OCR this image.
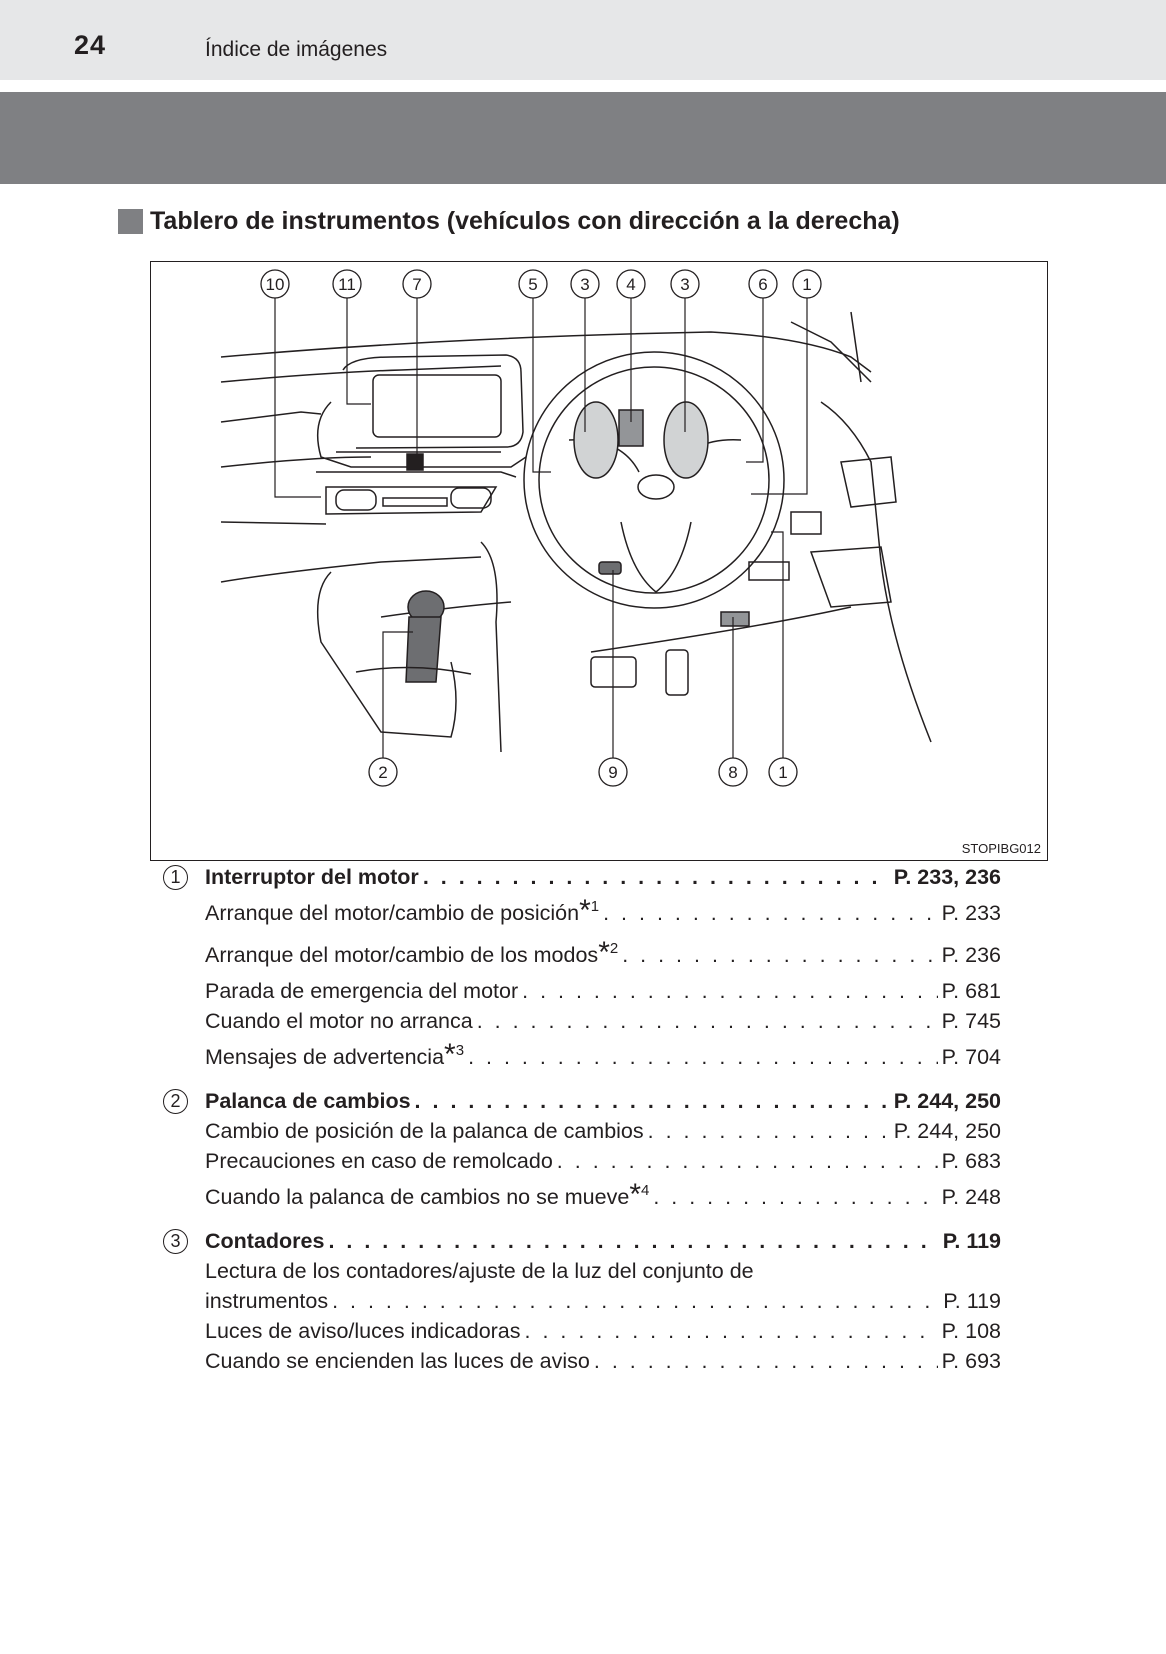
24	Índice de imágenes
Tablero de instrumentos (vehículos con dirección a la derecha)
10	11	7	5	3 4	3	6 1
2	9	8 1
STOPIBG012
1	Interruptor del motor . . .	P. 233, 236
Arranque del motor/cambio de posición*$^1$ . . .	P. 233
Arranque del motor/cambio de los modos*$^2$ . . .	P. 236
Parada de emergencia del motor . . .	P. 681
Cuando el motor no arranca . . .	P. 745
Mensajes de advertencia*$^3$ . . .	P. 704
2	Palanca de cambios . . .	P. 244, 250
Cambio de posición de la palanca de cambios . . .	P. 244, 250
Precauciones en caso de remolcado . . .	P. 683
Cuando la palanca de cambios no se mueve*$^4$ . . .	P. 248
3	Contadores . . .	P. 119
Lectura de los contadores/ajuste de la luz del conjunto de
instrumentos . . .	P. 119
Luces de aviso/luces indicadoras . . .	P. 108
Cuando se encienden las luces de aviso . . .	P. 693
